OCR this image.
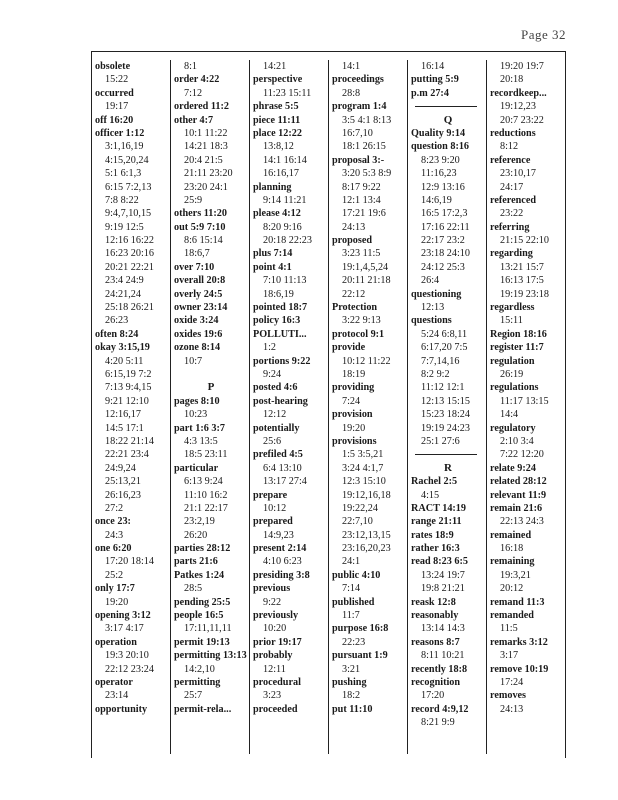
Page 32
obsolete
15:22
occurred
19:17
off 16:20
officer 1:12
3:1,16,19
4:15,20,24
5:1 6:1,3
6:15 7:2,13
7:8 8:22
9:4,7,10,15
9:19 12:5
12:16 16:22
16:23 20:16
20:21 22:21
23:4 24:9
24:21,24
25:18 26:21
26:23
often 8:24
okay 3:15,19
4:20 5:11
6:15,19 7:2
7:13 9:4,15
9:21 12:10
12:16,17
14:5 17:1
18:22 21:14
22:21 23:4
24:9,24
25:13,21
26:16,23
27:2
once 23:
24:3
one 6:20
17:20 18:14
25:2
only 17:7
19:20
opening 3:12
3:17 4:17
operation
19:3 20:10
22:12 23:24
operator
23:14
opportunity
8:1
order 4:22
7:12
ordered 11:2
other 4:7
10:1 11:22
14:21 18:3
20:4 21:5
21:11 23:20
23:20 24:1
25:9
others 11:20
out 5:9 7:10
8:6 15:14
18:6,7
over 7:10
overall 20:8
overly 24:5
owner 23:14
oxide 3:24
oxides 19:6
ozone 8:14
10:7
P
pages 8:10
10:23
part 1:6 3:7
4:3 13:5
18:5 23:11
particular
6:13 9:24
11:10 16:2
21:1 22:17
23:2,19
26:20
parties 28:12
parts 21:6
Patkes 1:24
28:5
pending 25:5
people 16:5
17:11,11,11
permit 19:13
permitting 13:13
14:2,10
permitting
25:7
permit-rela...
14:21
perspective
11:23 15:11
phrase 5:5
piece 11:11
place 12:22
13:8,12
14:1 16:14
16:16,17
planning
9:14 11:21
please 4:12
8:20 9:16
20:18 22:23
plus 7:14
point 4:1
7:10 11:13
18:6,19
pointed 18:7
policy 16:3
POLLUTI...
1:2
portions 9:22
9:24
posted 4:6
post-hearing
12:12
potentially
25:6
prefiled 4:5
6:4 13:10
13:17 27:4
prepare
10:12
prepared
14:9,23
present 2:14
4:10 6:23
presiding 3:8
previous
9:22
previously
10:20
prior 19:17
probably
12:11
procedural
3:23
proceeded
14:1
proceedings
28:8
program 1:4
3:5 4:1 8:13
16:7,10
18:1 26:15
proposal 3:-
3:20 5:3 8:9
8:17 9:22
12:1 13:4
17:21 19:6
24:13
proposed
3:23 11:5
19:1,4,5,24
20:11 21:18
22:12
Protection
3:22 9:13
protocol 9:1
provide
10:12 11:22
18:19
providing
7:24
provision
19:20
provisions
1:5 3:5,21
3:24 4:1,7
12:3 15:10
19:12,16,18
19:22,24
22:7,10
23:12,13,15
23:16,20,23
24:1
public 4:10
7:14
published
11:7
purpose 16:8
22:23
pursuant 1:9
3:21
pushing
18:2
put 11:10
16:14
putting 5:9
p.m 27:4
Q
Quality 9:14
question 8:16
8:23 9:20
11:16,23
12:9 13:16
14:6,19
16:5 17:2,3
17:16 22:11
22:17 23:2
23:18 24:10
24:12 25:3
26:4
questioning
12:13
questions
5:24 6:8,11
6:17,20 7:5
7:7,14,16
8:2 9:2
11:12 12:1
12:13 15:15
15:23 18:24
19:19 24:23
25:1 27:6
R
Rachel 2:5
4:15
RACT 14:19
range 21:11
rates 18:9
rather 16:3
read 8:23 6:5
13:24 19:7
19:8 21:21
reask 12:8
reasonably
13:14 14:3
reasons 8:7
8:11 10:21
recently 18:8
recognition
17:20
record 4:9,12
8:21 9:9
19:20 19:7
20:18
recordkeep...
19:12,23
20:7 23:22
reductions
8:12
reference
23:10,17
24:17
referenced
23:22
referring
21:15 22:10
regarding
13:21 15:7
16:13 17:5
19:19 23:18
regardless
15:11
Region 18:16
register 11:7
regulation
26:19
regulations
11:17 13:15
14:4
regulatory
2:10 3:4
7:22 12:20
relate 9:24
related 28:12
relevant 11:9
remain 21:6
22:13 24:3
remained
16:18
remaining
19:3,21
20:12
remand 11:3
remanded
11:5
remarks 3:12
3:17
remove 10:19
17:24
removes
24:13
